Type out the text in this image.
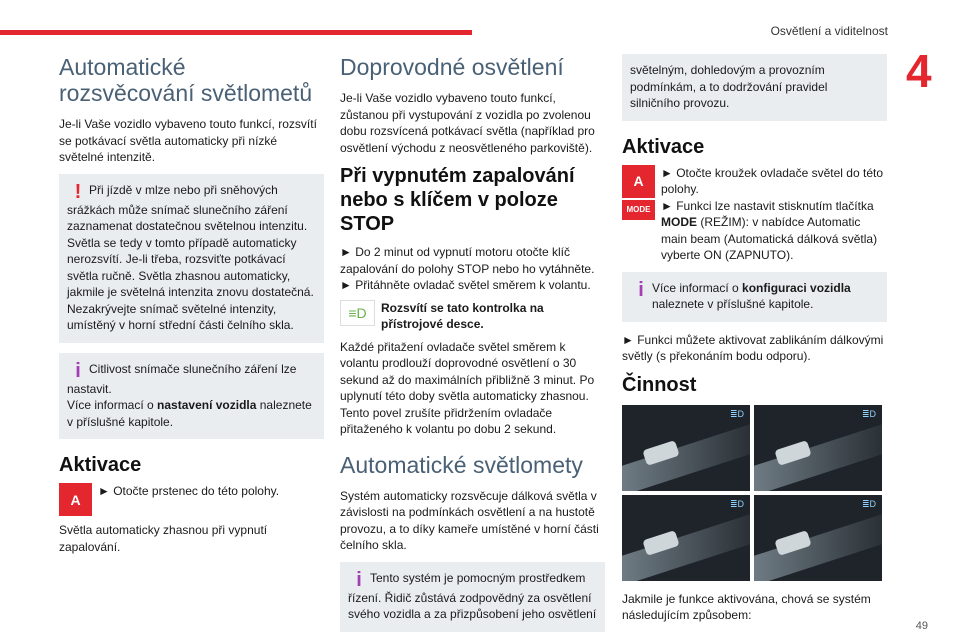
Osvětlení a viditelnost
4
Automatické rozsvěcování světlometů

Je-li Vaše vozidlo vybaveno touto funkcí, rozsvítí se potkávací světla automaticky při nízké světelné intenzitě.

! Při jízdě v mlze nebo při sněhových srážkách může snímač slunečního záření zaznamenat dostatečnou světelnou intenzitu. Světla se tedy v tomto případě automaticky nerozsvítí. Je-li třeba, rozsviťte potkávací světla ručně. Světla zhasnou automaticky, jakmile je světelná intenzita znovu dostatečná. Nezakrývejte snímač světelné intenzity, umístěný v horní střední části čelního skla.
i Citlivost snímače slunečního záření lze nastavit.
Více informací o nastavení vozidla naleznete v příslušné kapitole.
Aktivace
A
► Otočte prstenec do této polohy.

Světla automaticky zhasnou při vypnutí zapalování.

Doprovodné osvětlení

Je-li Vaše vozidlo vybaveno touto funkcí, zůstanou při vystupování z vozidla po zvolenou dobu rozsvícená potkávací světla (například pro osvětlení východu z neosvětleného parkoviště).

Při vypnutém zapalování nebo s klíčem v poloze STOP

► Do 2 minut od vypnutí motoru otočte klíč zapalování do polohy STOP nebo ho vytáhněte.

► Přitáhněte ovladač světel směrem k volantu.

≡D	Rozsvítí se tato kontrolka na přístrojové desce.

Každé přitažení ovladače světel směrem k volantu prodlouží doprovodné osvětlení o 30 sekund až do maximálních přibližně 3 minut. Po uplynutí této doby světla automaticky zhasnou. Tento povel zrušíte přidržením ovladače přitaženého k volantu po dobu 2 sekund.

Automatické světlomety

Systém automaticky rozsvěcuje dálková světla v závislosti na podmínkách osvětlení a na hustotě provozu, a to díky kameře umístěné v horní části čelního skla.

i Tento systém je pomocným prostředkem řízení. Řidič zůstává zodpovědný za osvětlení svého vozidla a za přizpůsobení jeho osvětlení
světelným, dohledovým a provozním podmínkám, a to dodržování pravidel silničního provozu.
Aktivace
A
MODE
► Otočte kroužek ovladače světel do této polohy.
► Funkci lze nastavit stisknutím tlačítka MODE (REŽIM): v nabídce Automatic main beam (Automatická dálková světla) vyberte ON (ZAPNUTO).
i Více informací o konfiguraci vozidla naleznete v příslušné kapitole.

► Funkci můžete aktivovat zablikáním dálkovými světly (s překonáním bodu odporu).

Činnost
≣D	≣D
≣D	≣D

Jakmile je funkce aktivována, chová se systém následujícím způsobem:

49
